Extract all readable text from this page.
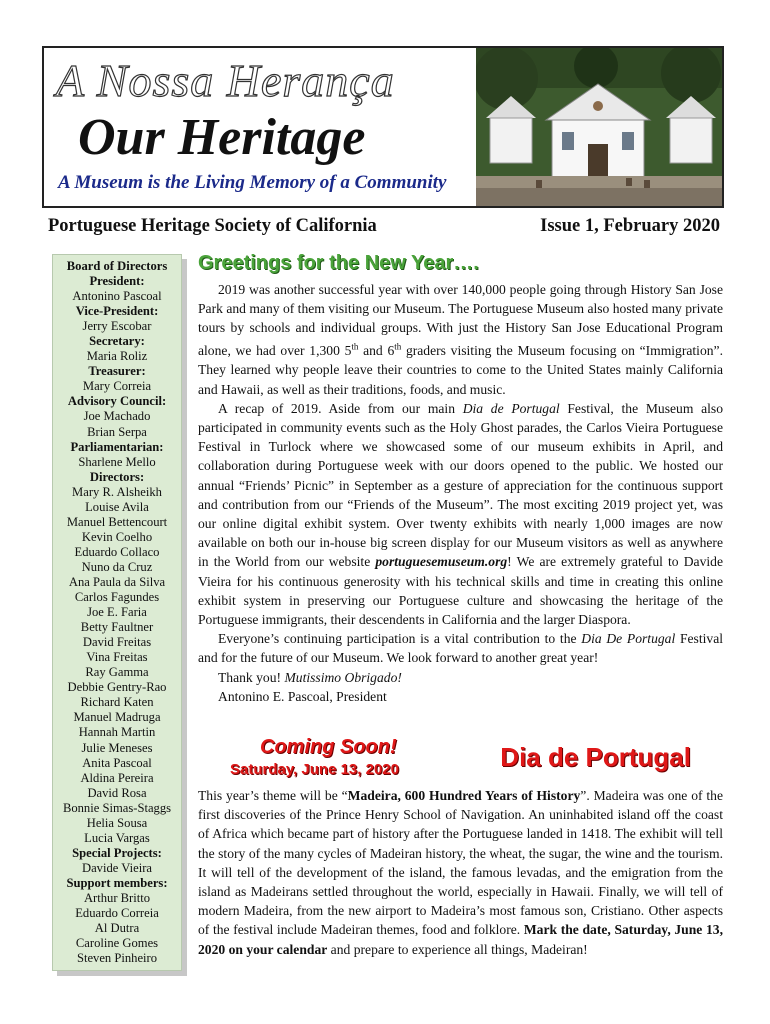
A Nossa Herança
Our Heritage
A Museum is the Living Memory of a Community
Portuguese Heritage Society of California	Issue 1, February 2020
Board of Directors
President:
Antonino Pascoal
Vice-President:
Jerry Escobar
Secretary:
Maria Roliz
Treasurer:
Mary Correia
Advisory Council:
Joe Machado
Brian Serpa
Parliamentarian:
Sharlene Mello
Directors:
Mary R. Alsheikh
Louise Avila
Manuel Bettencourt
Kevin Coelho
Eduardo Collaco
Nuno da Cruz
Ana Paula da Silva
Carlos Fagundes
Joe E. Faria
Betty Faultner
David Freitas
Vina Freitas
Ray Gamma
Debbie Gentry-Rao
Richard Katen
Manuel Madruga
Hannah Martin
Julie Meneses
Anita Pascoal
Aldina Pereira
David Rosa
Bonnie Simas-Staggs
Helia Sousa
Lucia Vargas
Special Projects:
Davide Vieira
Support members:
Arthur Britto
Eduardo Correia
Al Dutra
Caroline Gomes
Steven Pinheiro
Greetings for the New Year….

2019 was another successful year with over 140,000 people going through History San Jose Park and many of them visiting our Museum. The Portuguese Museum also hosted many private tours by schools and individual groups. With just the History San Jose Educational Program alone, we had over 1,300 5th and 6th graders visiting the Museum focusing on “Immigration”. They learned why people leave their countries to come to the United States mainly California and Hawaii, as well as their traditions, foods, and music.

A recap of 2019. Aside from our main Dia de Portugal Festival, the Museum also participated in community events such as the Holy Ghost parades, the Carlos Vieira Portuguese Festival in Turlock where we showcased some of our museum exhibits in April, and collaboration during Portuguese week with our doors opened to the public. We hosted our annual “Friends’ Picnic” in September as a gesture of appreciation for the continuous support and contribution from our “Friends of the Museum”. The most exciting 2019 project yet, was our online digital exhibit system. Over twenty exhibits with nearly 1,000 images are now available on both our in-house big screen display for our Museum visitors as well as anywhere in the World from our website portuguesemuseum.org! We are extremely grateful to Davide Vieira for his continuous generosity with his technical skills and time in creating this online exhibit system in preserving our Portuguese culture and showcasing the heritage of the Portuguese immigrants, their descendents in California and the larger Diaspora.

Everyone’s continuing participation is a vital contribution to the Dia De Portugal Festival and for the future of our Museum. We look forward to another great year!

Thank you! Mutissimo Obrigado!
Antonino E. Pascoal, President
Coming Soon!
Saturday, June 13, 2020	Dia de Portugal

This year’s theme will be “Madeira, 600 Hundred Years of History”. Madeira was one of the first discoveries of the Prince Henry School of Navigation. An uninhabited island off the coast of Africa which became part of history after the Portuguese landed in 1418. The exhibit will tell the story of the many cycles of Madeiran history, the wheat, the sugar, the wine and the tourism. It will tell of the development of the island, the famous levadas, and the emigration from the island as Madeirans settled throughout the world, especially in Hawaii. Finally, we will tell of modern Madeira, from the new airport to Madeira’s most famous son, Cristiano. Other aspects of the festival include Madeiran themes, food and folklore. Mark the date, Saturday, June 13, 2020 on your calendar and prepare to experience all things, Madeiran!
